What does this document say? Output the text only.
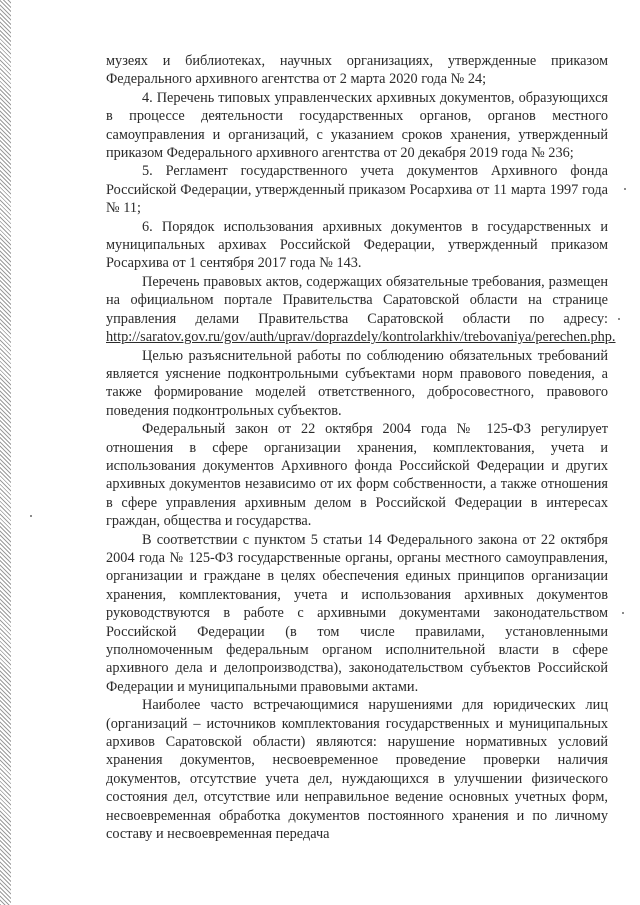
музеях и библиотеках, научных организациях, утвержденные приказом Федерального архивного агентства от 2 марта 2020 года № 24;

4. Перечень типовых управленческих архивных документов, образующихся в процессе деятельности государственных органов, органов местного самоуправления и организаций, с указанием сроков хранения, утвержденный приказом Федерального архивного агентства от 20 декабря 2019 года № 236;

5. Регламент государственного учета документов Архивного фонда Российской Федерации, утвержденный приказом Росархива от 11 марта 1997 года № 11;

6. Порядок использования архивных документов в государственных и муниципальных архивах Российской Федерации, утвержденный приказом Росархива от 1 сентября 2017 года № 143.

Перечень правовых актов, содержащих обязательные требования, размещен на официальном портале Правительства Саратовской области на странице управления делами Правительства Саратовской области по адресу: http://saratov.gov.ru/gov/auth/uprav/doprazdely/kontrolarkhiv/trebovaniya/perechen.php.

Целью разъяснительной работы по соблюдению обязательных требований является уяснение подконтрольными субъектами норм правового поведения, а также формирование моделей ответственного, добросовестного, правового поведения подконтрольных субъектов.

Федеральный закон от 22 октября 2004 года № 125-ФЗ регулирует отношения в сфере организации хранения, комплектования, учета и использования документов Архивного фонда Российской Федерации и других архивных документов независимо от их форм собственности, а также отношения в сфере управления архивным делом в Российской Федерации в интересах граждан, общества и государства.

В соответствии с пунктом 5 статьи 14 Федерального закона от 22 октября 2004 года № 125-ФЗ государственные органы, органы местного самоуправления, организации и граждане в целях обеспечения единых принципов организации хранения, комплектования, учета и использования архивных документов руководствуются в работе с архивными документами законодательством Российской Федерации (в том числе правилами, установленными уполномоченным федеральным органом исполнительной власти в сфере архивного дела и делопроизводства), законодательством субъектов Российской Федерации и муниципальными правовыми актами.

Наиболее часто встречающимися нарушениями для юридических лиц (организаций – источников комплектования государственных и муниципальных архивов Саратовской области) являются: нарушение нормативных условий хранения документов, несвоевременное проведение проверки наличия документов, отсутствие учета дел, нуждающихся в улучшении физического состояния дел, отсутствие или неправильное ведение основных учетных форм, несвоевременная обработка документов постоянного хранения и по личному составу и несвоевременная передача
